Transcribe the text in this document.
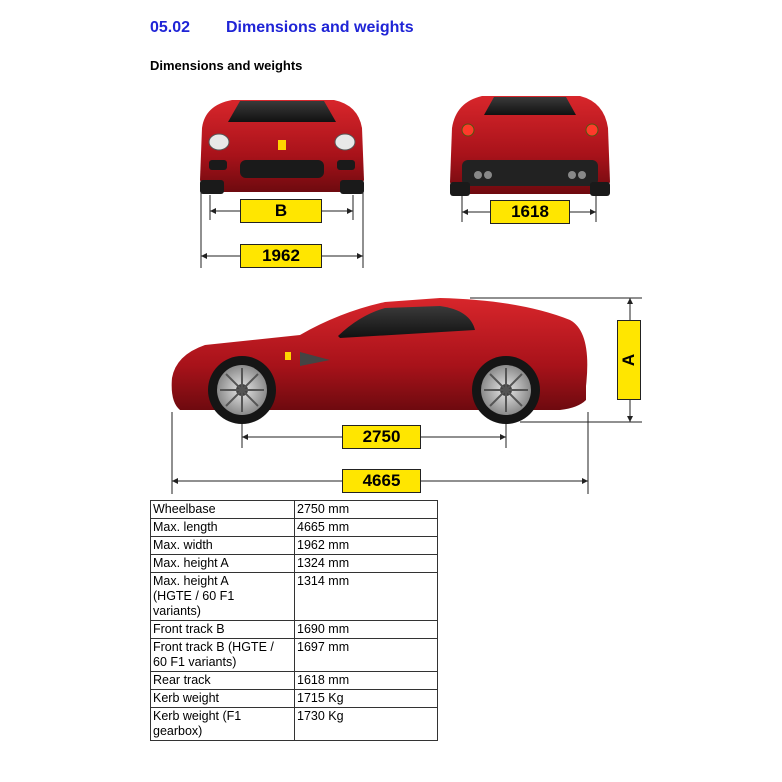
05.02 Dimensions and weights
Dimensions and weights
B
1962
1618
2750
4665
A
Wheelbase	2750 mm
Max. length	4665 mm
Max. width	1962 mm
Max. height A	1324 mm
Max. height A
(HGTE / 60 F1
variants)	1314 mm
Front track B	1690 mm
Front track B (HGTE /
60 F1 variants)	1697 mm
Rear track	1618 mm
Kerb weight	1715 Kg
Kerb weight (F1
gearbox)	1730 Kg
